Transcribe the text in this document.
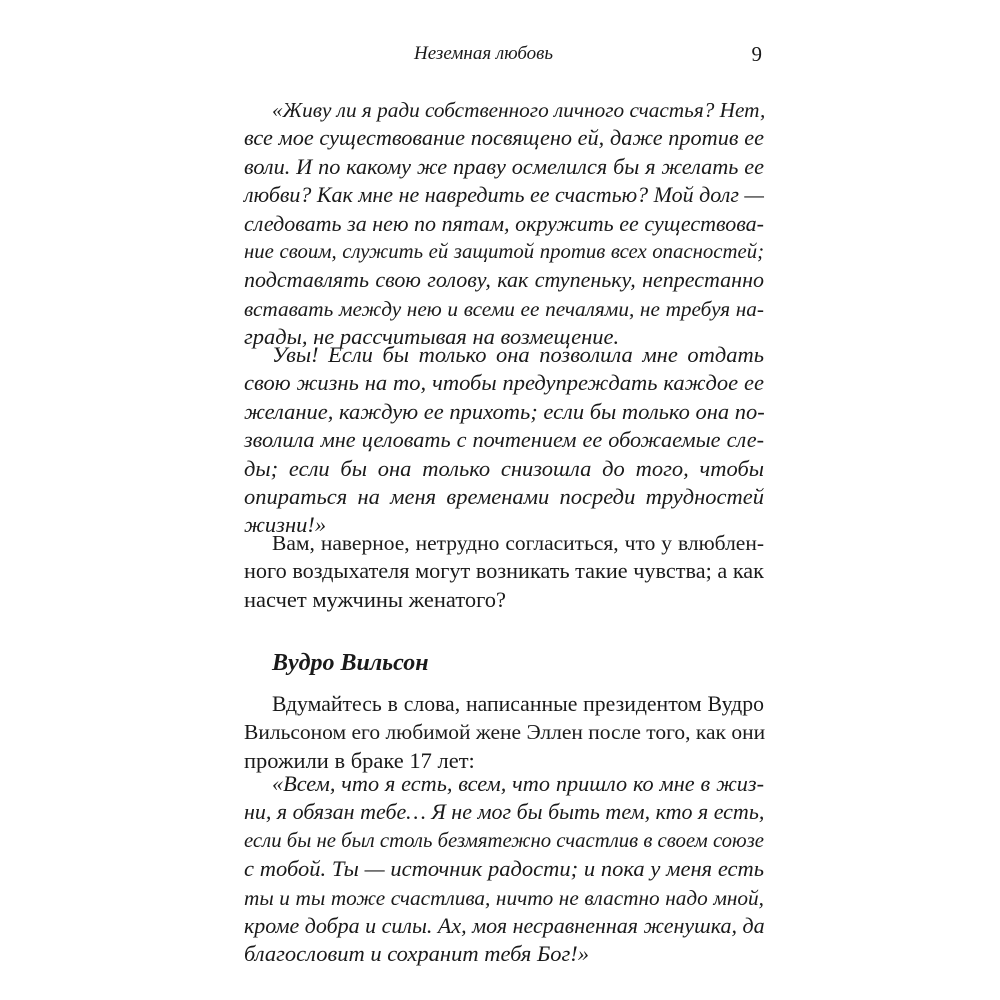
Неземная любовь	9
«Живу ли я ради собственного личного счастья? Нет,
все мое существование посвящено ей, даже против ее
воли. И по какому же праву осмелился бы я желать ее
любви? Как мне не навредить ее счастью? Мой долг —
следовать за нею по пятам, окружить ее существова-
ние своим, служить ей защитой против всех опасностей;
подставлять свою голову, как ступеньку, непрестанно
вставать между нею и всеми ее печалями, не требуя на-
грады, не рассчитывая на возмещение.
Увы! Если бы только она позволила мне отдать
свою жизнь на то, чтобы предупреждать каждое ее
желание, каждую ее прихоть; если бы только она по-
зволила мне целовать с почтением ее обожаемые сле-
ды; если бы она только снизошла до того, чтобы
опираться на меня временами посреди трудностей
жизни!»
Вам, наверное, нетрудно согласиться, что у влюблен-
ного воздыхателя могут возникать такие чувства; а как
насчет мужчины женатого?
Вудро Вильсон
Вдумайтесь в слова, написанные президентом Вудро
Вильсоном его любимой жене Эллен после того, как они
прожили в браке 17 лет:
«Всем, что я есть, всем, что пришло ко мне в жиз-
ни, я обязан тебе… Я не мог бы быть тем, кто я есть,
если бы не был столь безмятежно счастлив в своем союзе
с тобой. Ты — источник радости; и пока у меня есть
ты и ты тоже счастлива, ничто не властно надо мной,
кроме добра и силы. Ах, моя несравненная женушка, да
благословит и сохранит тебя Бог!»
